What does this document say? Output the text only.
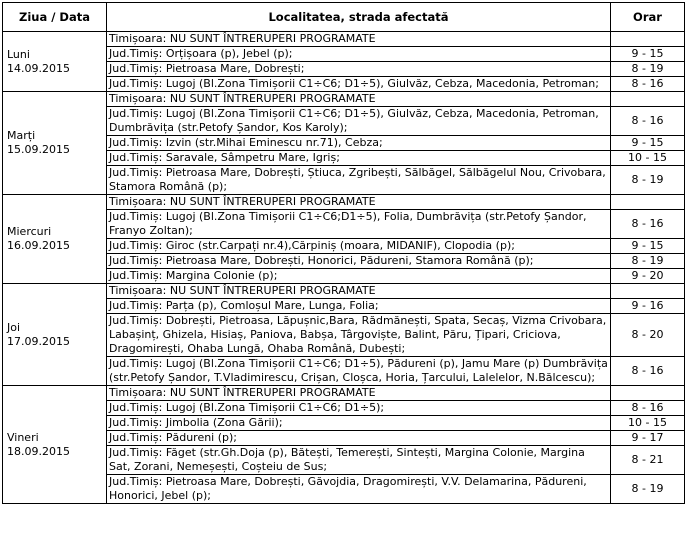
Ziua / Data	Localitatea, strada afectată	Orar
Luni
14.09.2015	Timișoara: NU SUNT ÎNTRERUPERI PROGRAMATE	
	Jud.Timiș: Orțișoara (p), Jebel (p);	9 - 15
	Jud.Timiș: Pietroasa Mare, Dobrești;	8 - 19
	Jud.Timiș: Lugoj (Bl.Zona Timișorii C1÷C6; D1÷5), Giulvăz, Cebza, Macedonia, Petroman;	8 - 16
Marți
15.09.2015	Timișoara: NU SUNT ÎNTRERUPERI PROGRAMATE	
	Jud.Timiș: Lugoj (Bl.Zona Timișorii C1÷C6; D1÷5), Giulvăz, Cebza, Macedonia, Petroman, Dumbrăvița (str.Petofy Șandor, Kos Karoly);	8 - 16
	Jud.Timiș: Izvin (str.Mihai Eminescu nr.71), Cebza;	9 - 15
	Jud.Timiș: Saravale, Sâmpetru Mare, Igriș;	10 - 15
	Jud.Timiș: Pietroasa Mare, Dobrești, Știuca, Zgribești, Sălbăgel, Sălbăgelul Nou, Crivobara, Stamora Română (p);	8 - 19
Miercuri
16.09.2015	Timișoara: NU SUNT ÎNTRERUPERI PROGRAMATE	
	Jud.Timiș: Lugoj (Bl.Zona Timișorii C1÷C6;D1÷5), Folia, Dumbrăvița (str.Petofy Șandor, Franyo Zoltan);	8 - 16
	Jud.Timiș: Giroc (str.Carpați nr.4),Cărpiniș (moara, MIDANIF), Clopodia (p);	9 - 15
	Jud.Timiș: Pietroasa Mare, Dobrești, Honorici, Pădureni, Stamora Română (p);	8 - 19
	Jud.Timiș: Margina Colonie (p);	9 - 20
Joi
17.09.2015	Timișoara: NU SUNT ÎNTRERUPERI PROGRAMATE	
	Jud.Timiș: Parța (p), Comloșul Mare, Lunga, Folia;	9 - 16
	Jud.Timiș: Dobrești, Pietroasa, Lăpușnic,Bara, Rădmănești, Spata, Secaș, Vizma Crivobara, Labașinț, Ghizela, Hisiaș, Paniova, Babșa, Târgoviște, Balint, Păru, Țipari, Criciova, Dragomirești, Ohaba Lungă, Ohaba Română, Dubești;	8 - 20
	Jud.Timiș: Lugoj (Bl.Zona Timișorii C1÷C6; D1÷5), Pădureni (p), Jamu Mare (p) Dumbrăvița (str.Petofy Șandor, T.Vladimirescu, Crișan, Cloșca, Horia, Țarcului, Lalelelor, N.Bălcescu);	8 - 16
Vineri
18.09.2015	Timișoara: NU SUNT ÎNTRERUPERI PROGRAMATE	
	Jud.Timiș: Lugoj (Bl.Zona Timișorii C1÷C6; D1÷5);	8 - 16
	Jud.Timiș: Jimbolia (Zona Gării);	10 - 15
	Jud.Timiș: Pădureni (p);	9 - 17
	Jud.Timiș: Făget (str.Gh.Doja (p), Bătești, Temerești, Sintești, Margina Colonie, Margina Sat, Zorani, Nemeșești, Coșteiu de Sus;	8 - 21
	Jud.Timiș: Pietroasa Mare, Dobrești, Găvojdia, Dragomirești, V.V. Delamarina, Pădureni, Honorici, Jebel (p);	8 - 19
